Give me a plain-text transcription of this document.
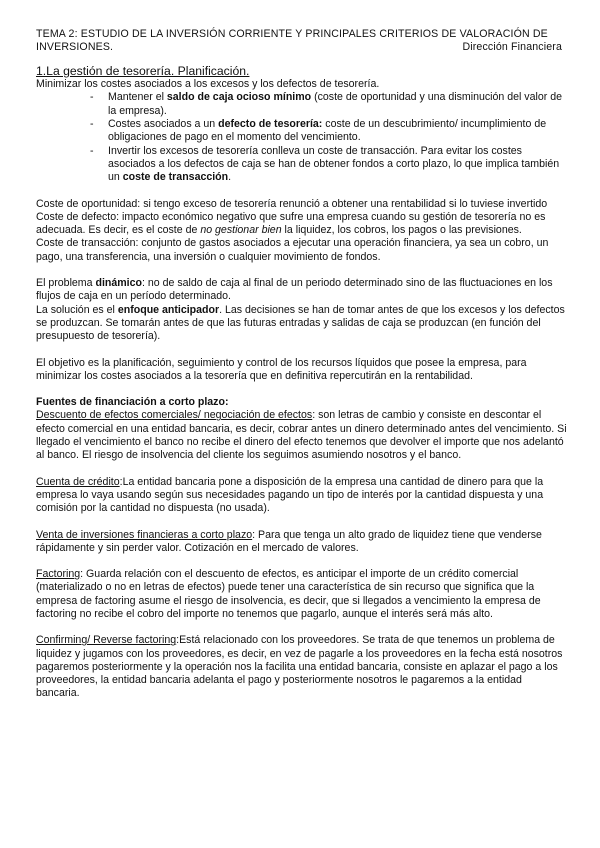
TEMA 2: ESTUDIO DE LA INVERSIÓN CORRIENTE Y PRINCIPALES CRITERIOS DE VALORACIÓN DE INVERSIONES.	Dirección Financiera
1.La gestión de tesorería. Planificación.

Minimizar los costes asociados a los excesos y los defectos de tesorería.

- Mantener el saldo de caja ocioso mínimo (coste de oportunidad y una disminución del valor de la empresa).
- Costes asociados a un defecto de tesorería: coste de un descubrimiento/ incumplimiento de obligaciones de pago en el momento del vencimiento.
- Invertir los excesos de tesorería conlleva un coste de transacción. Para evitar los costes asociados a los defectos de caja se han de obtener fondos a corto plazo, lo que implica también un coste de transacción.

Coste de oportunidad: si tengo exceso de tesorería renunció a obtener una rentabilidad si lo tuviese invertido

Coste de defecto: impacto económico negativo que sufre una empresa cuando su gestión de tesorería no es adecuada. Es decir, es el coste de no gestionar bien la liquidez, los cobros, los pagos o las previsiones.

Coste de transacción: conjunto de gastos asociados a ejecutar una operación financiera, ya sea un cobro, un pago, una transferencia, una inversión o cualquier movimiento de fondos.

El problema dinámico: no de saldo de caja al final de un periodo determinado sino de las fluctuaciones en los flujos de caja en un período determinado.

La solución es el enfoque anticipador. Las decisiones se han de tomar antes de que los excesos y los defectos se produzcan. Se tomarán antes de que las futuras entradas y salidas de caja se produzcan (en función del presupuesto de tesorería).

El objetivo es la planificación, seguimiento y control de los recursos líquidos que posee la empresa, para minimizar los costes asociados a la tesorería que en definitiva repercutirán en la rentabilidad.

Fuentes de financiación a corto plazo:

Descuento de efectos comerciales/ negociación de efectos: son letras de cambio y consiste en descontar el efecto comercial en una entidad bancaria, es decir, cobrar antes un dinero determinado antes del vencimiento. Si llegado el vencimiento el banco no recibe el dinero del efecto tenemos que devolver el importe que nos adelantó al banco. El riesgo de insolvencia del cliente los seguimos asumiendo nosotros y el banco.

Cuenta de crédito:La entidad bancaria pone a disposición de la empresa una cantidad de dinero para que la empresa lo vaya usando según sus necesidades pagando un tipo de interés por la cantidad dispuesta y una comisión por la cantidad no dispuesta (no usada).

Venta de inversiones financieras a corto plazo: Para que tenga un alto grado de liquidez tiene que venderse rápidamente y sin perder valor. Cotización en el mercado de valores.

Factoring: Guarda relación con el descuento de efectos, es anticipar el importe de un crédito comercial (materializado o no en letras de efectos) puede tener una característica de sin recurso que significa que la empresa de factoring asume el riesgo de insolvencia, es decir, que si llegados a vencimiento la empresa de factoring no recibe el cobro del importe no tenemos que pagarlo, aunque el interés será más alto.

Confirming/ Reverse factoring:Está relacionado con los proveedores. Se trata de que tenemos un problema de liquidez y jugamos con los proveedores, es decir, en vez de pagarle a los proveedores en la fecha está nosotros pagaremos posteriormente y la operación nos la facilita una entidad bancaria, consiste en aplazar el pago a los proveedores, la entidad bancaria adelanta el pago y posteriormente nosotros le pagaremos a la entidad bancaria.
